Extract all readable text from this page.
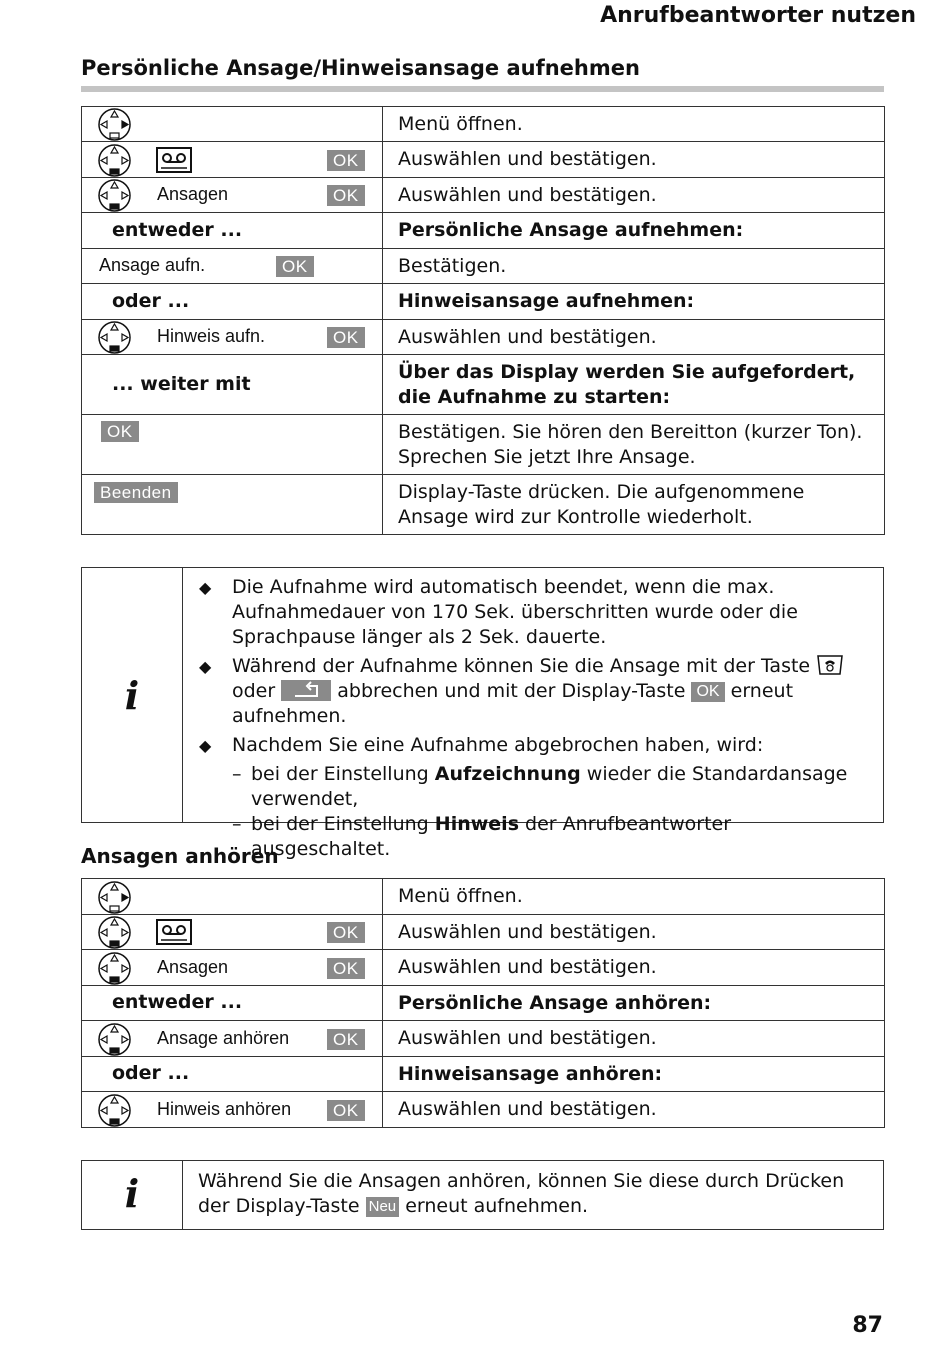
Anrufbeantworter nutzen
Persönliche Ansage/Hinweisansage aufnehmen
	Menü öffnen.

OK	Auswählen und bestätigen.

Ansagen OK	Auswählen und bestätigen.

entweder ...	Persönliche Ansage aufnehmen:

Ansage aufn. OK	Bestätigen.

oder ...	Hinweisansage aufnehmen:

Hinweis aufn. OK	Auswählen und bestätigen.

... weiter mit	Über das Display werden Sie aufgefordert, die Aufnahme zu starten:

OK	Bestätigen. Sie hören den Bereitton (kurzer Ton). Sprechen Sie jetzt Ihre Ansage.

Beenden	Display-Taste drücken. Die aufgenommene Ansage wird zur Kontrolle wiederholt.
i
◆ Die Aufnahme wird automatisch beendet, wenn die max. Aufnahmedauer von 170 Sek. überschritten wurde oder die Sprachpause länger als 2 Sek. dauerte.
◆ Während der Aufnahme können Sie die Ansage mit der Taste  oder	abbrechen und mit der Display-Taste OK erneut aufnehmen.
◆ Nachdem Sie eine Aufnahme abgebrochen haben, wird:
– bei der Einstellung Aufzeichnung wieder die Standardansage verwendet,
– bei der Einstellung Hinweis der Anrufbeantworter ausgeschaltet.
Ansagen anhören
	Menü öffnen.

OK	Auswählen und bestätigen.

Ansagen OK	Auswählen und bestätigen.

entweder ...	Persönliche Ansage anhören:

Ansage anhören OK	Auswählen und bestätigen.

oder ...	Hinweisansage anhören:

Hinweis anhören OK	Auswählen und bestätigen.
i	Während Sie die Ansagen anhören, können Sie diese durch Drücken der Display-Taste Neu erneut aufnehmen.
87
